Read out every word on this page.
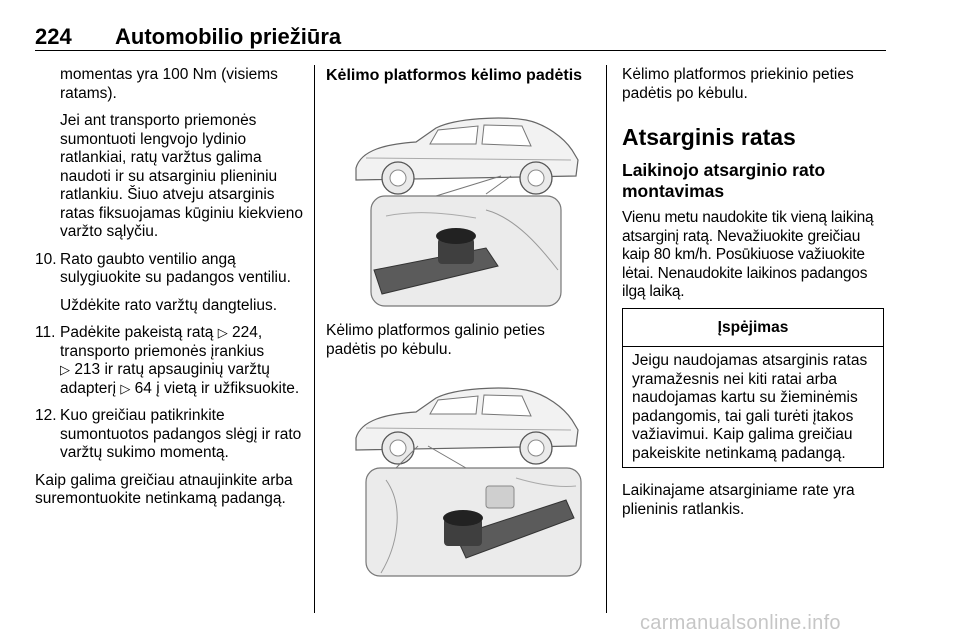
224 Automobilio priežiūra

momentas yra 100 Nm (visiems ratams).

Jei ant transporto priemonės sumontuoti lengvojo lydinio ratlankiai, ratų varžtus galima naudoti ir su atsarginiu plieniniu ratlankiu. Šiuo atveju atsarginis ratas fiksuojamas kūginiu kiekvieno varžto sąlyčiu.

10. Rato gaubto ventilio angą sulygiuokite su padangos ventiliu.

Uždėkite rato varžtų dangtelius.

11. Padėkite pakeistą ratą ▷ 224,
transporto priemonės įrankius
▷ 213 ir ratų apsauginių varžtų adapterį ▷ 64 į vietą ir užfiksuokite.
12. Kuo greičiau patikrinkite sumontuotos padangos slėgį ir rato varžtų sukimo momentą.

Kaip galima greičiau atnaujinkite arba suremontuokite netinkamą padangą.

Kėlimo platformos kėlimo padėtis

Kėlimo platformos galinio peties padėtis po kėbulu.

Kėlimo platformos priekinio peties padėtis po kėbulu.

Atsarginis ratas

Laikinojo atsarginio rato montavimas

Vienu metu naudokite tik vieną laikiną atsarginį ratą. Nevažiuokite greičiau kaip 80 km/h. Posūkiuose važiuokite lėtai. Nenaudokite laikinos padangos ilgą laiką.

Įspėjimas
Jeigu naudojamas atsarginis ratas yramažesnis nei kiti ratai arba naudojamas kartu su žieminėmis padangomis, tai gali turėti įtakos važiavimui. Kaip galima greičiau pakeiskite netinkamą padangą.

Laikinajame atsarginiame rate yra plieninis ratlankis.

carmanualsonline.info
